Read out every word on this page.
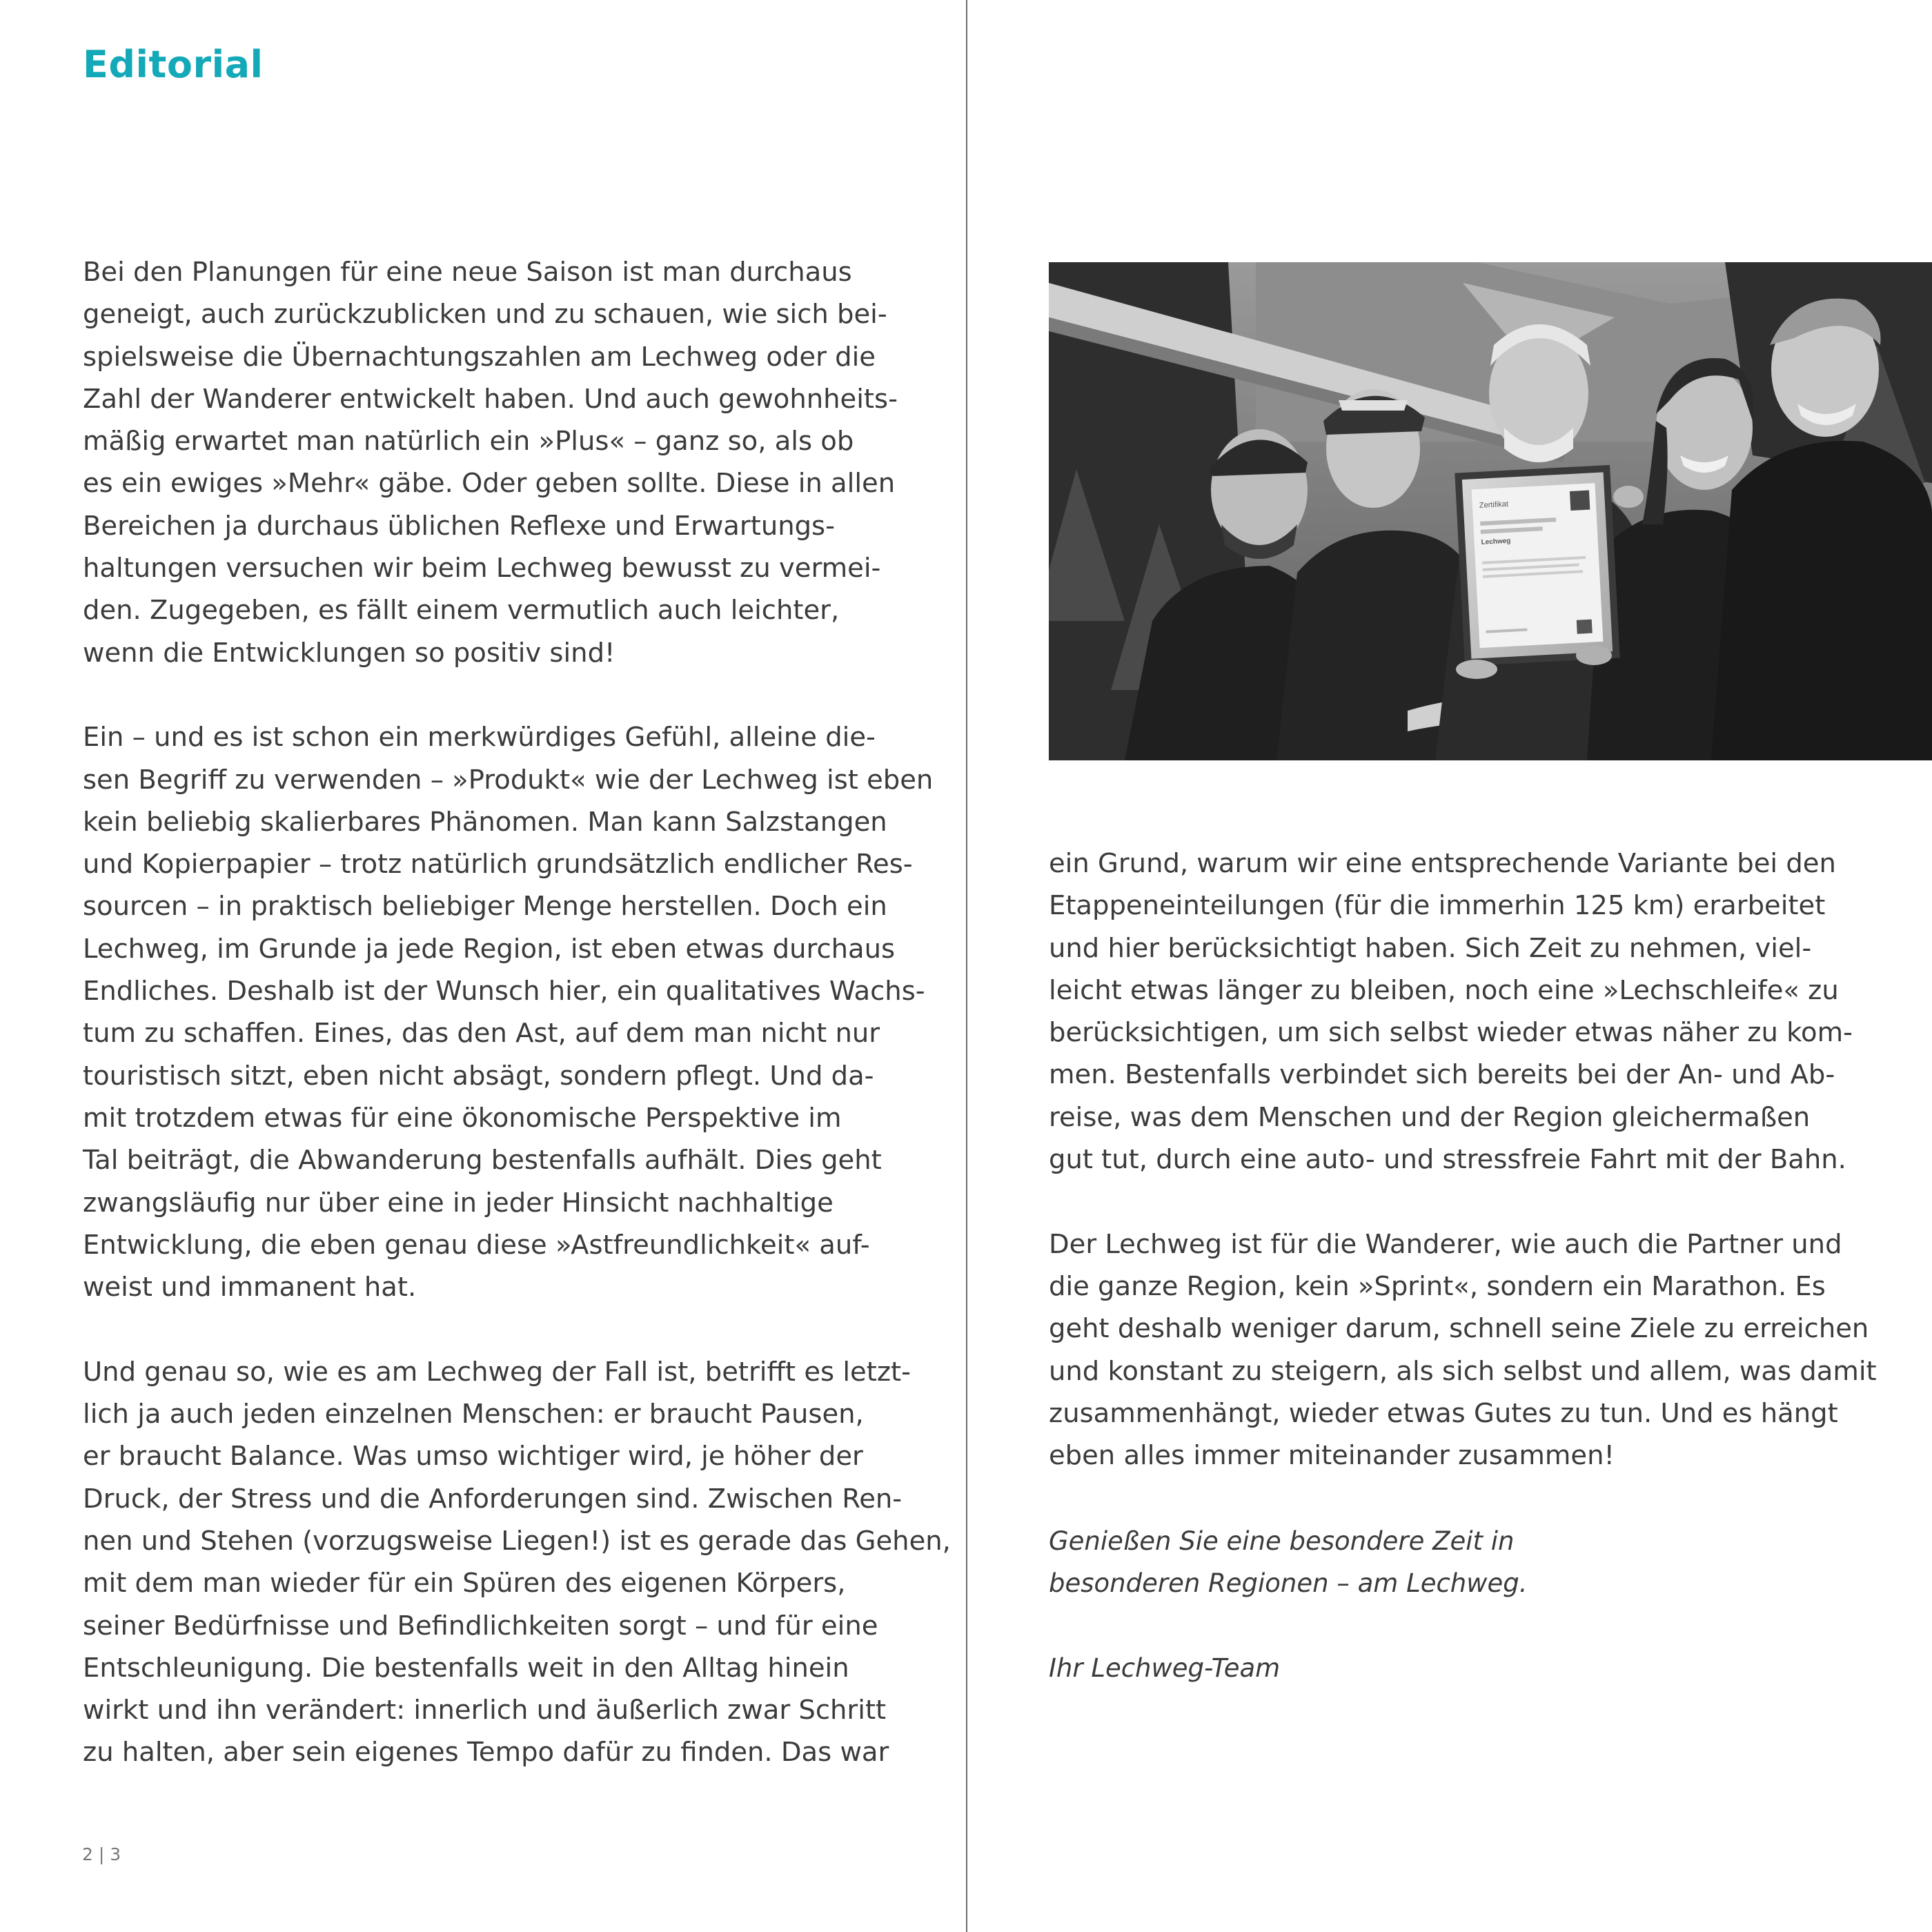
Editorial
Bei den Planungen für eine neue Saison ist man durchaus
geneigt, auch zurückzublicken und zu schauen, wie sich bei-
spielsweise die Übernachtungszahlen am Lechweg oder die
Zahl der Wanderer entwickelt haben. Und auch gewohnheits-
mäßig erwartet man natürlich ein »Plus« – ganz so, als ob
es ein ewiges »Mehr« gäbe. Oder geben sollte. Diese in allen
Bereichen ja durchaus üblichen Reflexe und Erwartungs-
haltungen versuchen wir beim Lechweg bewusst zu vermei-
den. Zugegeben, es fällt einem vermutlich auch leichter,
wenn die Entwicklungen so positiv sind!
Ein – und es ist schon ein merkwürdiges Gefühl, alleine die-
sen Begriff zu verwenden – »Produkt« wie der Lechweg ist eben
kein beliebig skalierbares Phänomen. Man kann Salzstangen
und Kopierpapier – trotz natürlich grundsätzlich endlicher Res-
sourcen – in praktisch beliebiger Menge herstellen. Doch ein
Lechweg, im Grunde ja jede Region, ist eben etwas durchaus
Endliches. Deshalb ist der Wunsch hier, ein qualitatives Wachs-
tum zu schaffen. Eines, das den Ast, auf dem man nicht nur
touristisch sitzt, eben nicht absägt, sondern pflegt. Und da-
mit trotzdem etwas für eine ökonomische Perspektive im
Tal beiträgt, die Abwanderung bestenfalls aufhält. Dies geht
zwangsläufig nur über eine in jeder Hinsicht nachhaltige
Entwicklung, die eben genau diese »Astfreundlichkeit« auf-
weist und immanent hat.
Und genau so, wie es am Lechweg der Fall ist, betrifft es letzt-
lich ja auch jeden einzelnen Menschen: er braucht Pausen,
er braucht Balance. Was umso wichtiger wird, je höher der
Druck, der Stress und die Anforderungen sind. Zwischen Ren-
nen und Stehen (vorzugsweise Liegen!) ist es gerade das Gehen,
mit dem man wieder für ein Spüren des eigenen Körpers,
seiner Bedürfnisse und Befindlichkeiten sorgt – und für eine
Entschleunigung. Die bestenfalls weit in den Alltag hinein
wirkt und ihn verändert: innerlich und äußerlich zwar Schritt
zu halten, aber sein eigenes Tempo dafür zu finden. Das war
Zertifikat
Lechweg
ein Grund, warum wir eine entsprechende Variante bei den
Etappeneinteilungen (für die immerhin 125 km) erarbeitet
und hier berücksichtigt haben. Sich Zeit zu nehmen, viel-
leicht etwas länger zu bleiben, noch eine »Lechschleife« zu
berücksichtigen, um sich selbst wieder etwas näher zu kom-
men. Bestenfalls verbindet sich bereits bei der An- und Ab-
reise, was dem Menschen und der Region gleichermaßen
gut tut, durch eine auto- und stressfreie Fahrt mit der Bahn.
Der Lechweg ist für die Wanderer, wie auch die Partner und
die ganze Region, kein »Sprint«, sondern ein Marathon. Es
geht deshalb weniger darum, schnell seine Ziele zu erreichen
und konstant zu steigern, als sich selbst und allem, was damit
zusammenhängt, wieder etwas Gutes zu tun. Und es hängt
eben alles immer miteinander zusammen!
Genießen Sie eine besondere Zeit in
besonderen Regionen – am Lechweg.
Ihr Lechweg-Team
2 | 3
